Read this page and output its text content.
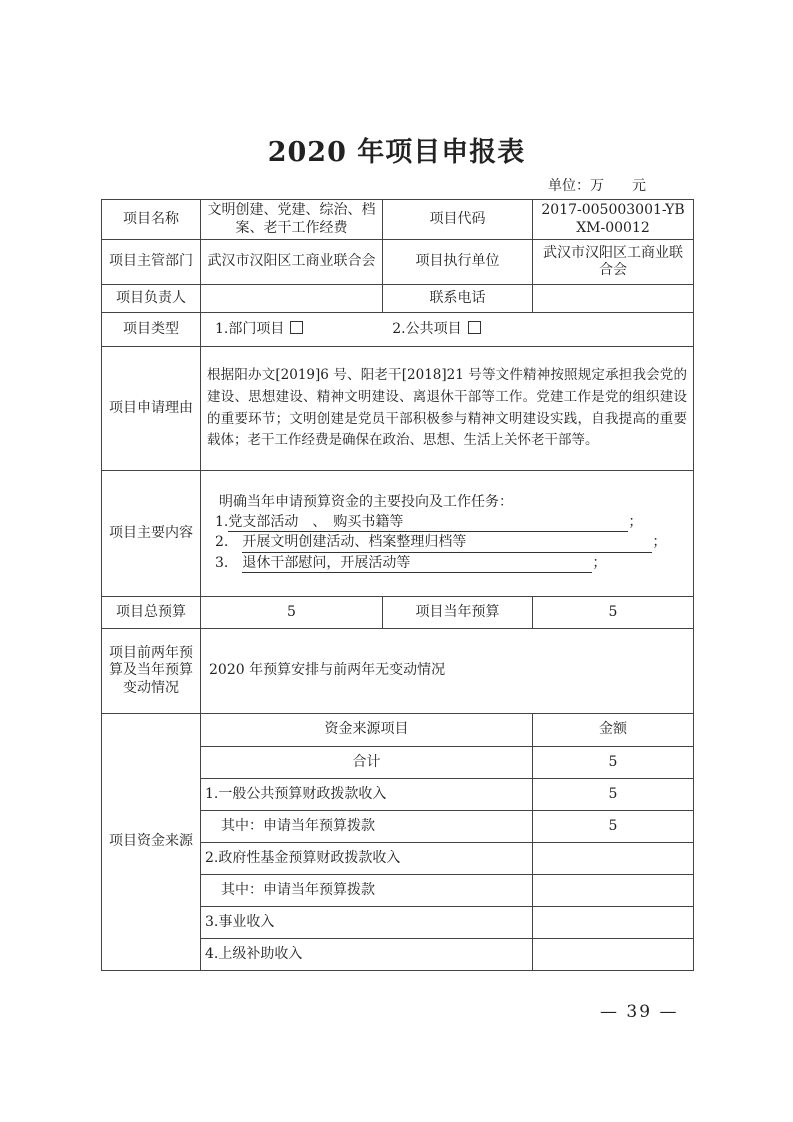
2020 年项目申报表
单位：万　　元
项目名称	文明创建、党建、综治、档案、老干工作经费	项目代码	2017-005003001-YBXM-00012
项目主管部门	武汉市汉阳区工商业联合会	项目执行单位	武汉市汉阳区工商业联合会
项目负责人		联系电话	
项目类型	1.部门项目 2.公共项目		
项目申请理由	根据阳办文[2019]6 号、阳老干[2018]21 号等文件精神按照规定承担我会党的建设、思想建设、精神文明建设、离退休干部等工作。党建工作是党的组织建设的重要环节；文明创建是党员干部积极参与精神文明建设实践，自我提高的重要载体；老干工作经费是确保在政治、思想、生活上关怀老干部等。		
项目主要内容	明确当年申请预算资金的主要投向及工作任务：
1.党支部活动　、　购买书籍等 ；
2.　 开展文明创建活动、档案整理归档等 ；
3.　 退休干部慰问，开展活动等 ；		

项目总预算	5	项目当年预算	5
项目前两年预算及当年预算变动情况	2020 年预算安排与前两年无变动情况		
项目资金来源	资金来源项目		金额
	合计		5
	1.一般公共预算财政拨款收入		5
	其中：申请当年预算拨款		5
	2.政府性基金预算财政拨款收入		
	其中：申请当年预算拨款		
	3.事业收入		
	4.上级补助收入		
— 39 —
